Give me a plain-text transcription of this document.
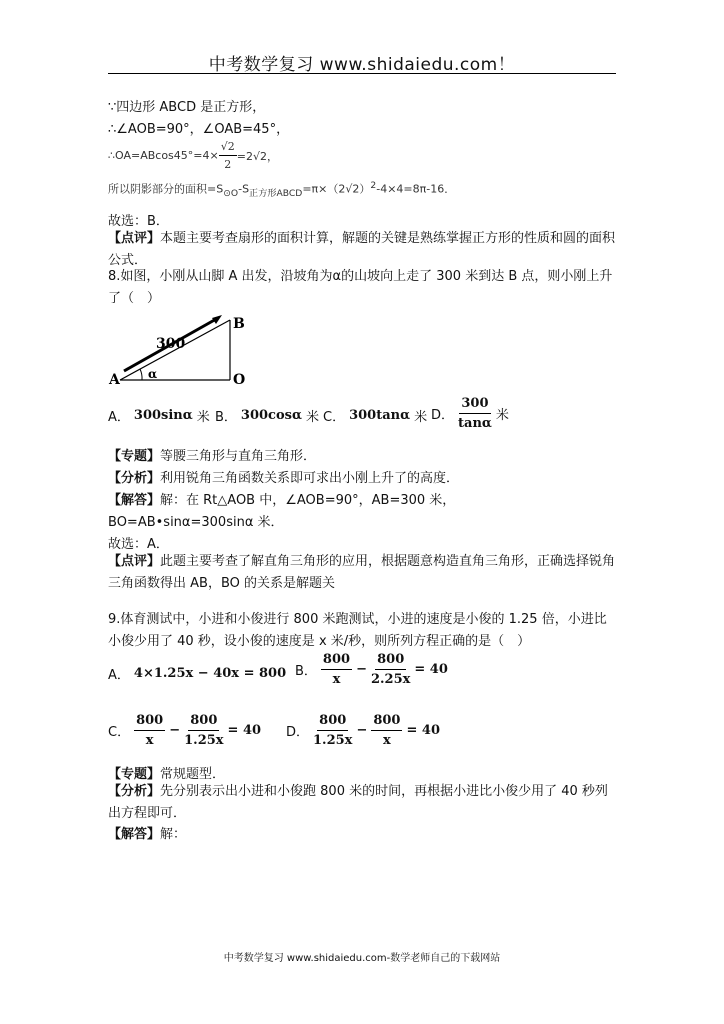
中考数学复习 www.shidaiedu.com！
∵四边形 ABCD 是正方形，
∴∠AOB=90°，∠OAB=45°，
∴OA=ABcos45°=4× $\frac{√2}{2} =2√2$，
所以阴影部分的面积$=S_{⊙O}-S_{正方形ABCD}=\pi\times(2√2)^2-4\times 4=8\pi-16$．
故选：B．
【点评】本题主要考查扇形的面积计算，解题的关键是熟练掌握正方形的性质和圆的面积公式．
8.如图，小刚从山脚 A 出发，沿坡角为α的山坡向上走了 300 米到达 B 点，则小刚上升了（　）
A
B
O
300
α
A． 300sinα 米 B． 300cosα 米 C． 300tanα 米 D． $\frac{300}{\tan\alpha}$ 米
【专题】等腰三角形与直角三角形．
【分析】利用锐角三角函数关系即可求出小刚上升了的高度．
【解答】解：在 Rt△AOB 中，∠AOB=90°，AB=300 米，
BO=AB•sinα=300sinα 米．
故选：A．
【点评】此题主要考查了解直角三角形的应用，根据题意构造直角三角形，正确选择锐角三角函数得出 AB，BO 的关系是解题关
9.体育测试中，小进和小俊进行 800 米跑测试，小进的速度是小俊的 1.25 倍，小进比小俊少用了 40 秒，设小俊的速度是 x 米/秒，则所列方程正确的是（　）
A． 4×1.25x − 40x = 800 B． $\frac{800}{x} - \frac{800}{2.25x} = 40$
C． $\frac{800}{x} - \frac{800}{1.25x} = 40$ D． $\frac{800}{1.25x} - \frac{800}{x} = 40$
【专题】常规题型．
【分析】先分别表示出小进和小俊跑 800 米的时间，再根据小进比小俊少用了 40 秒列出方程即可．
【解答】解：
中考数学复习 www.shidaiedu.com-数学老师自己的下载网站
